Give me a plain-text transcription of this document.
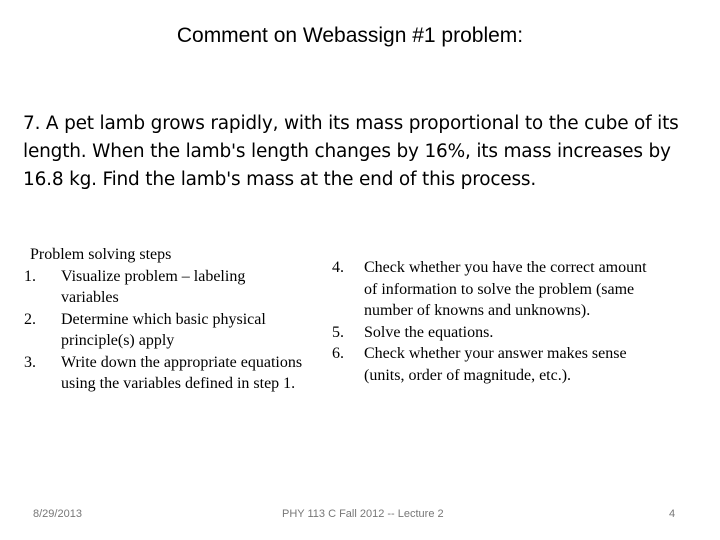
Comment on Webassign #1 problem:
7. A pet lamb grows rapidly, with its mass proportional to the cube of its length. When the lamb's length changes by 16%, its mass increases by 16.8 kg. Find the lamb's mass at the end of this process.
Problem solving steps
1.	Visualize problem – labeling variables
2.	Determine which basic physical principle(s) apply
3.	Write down the appropriate equations using the variables defined in step 1.
4.	Check whether you have the correct amount of information to solve the problem (same number of knowns and unknowns).
5.	Solve the equations.
6.	Check whether your answer makes sense (units, order of magnitude, etc.).
8/29/2013	PHY 113 C Fall 2012 -- Lecture 2	4
